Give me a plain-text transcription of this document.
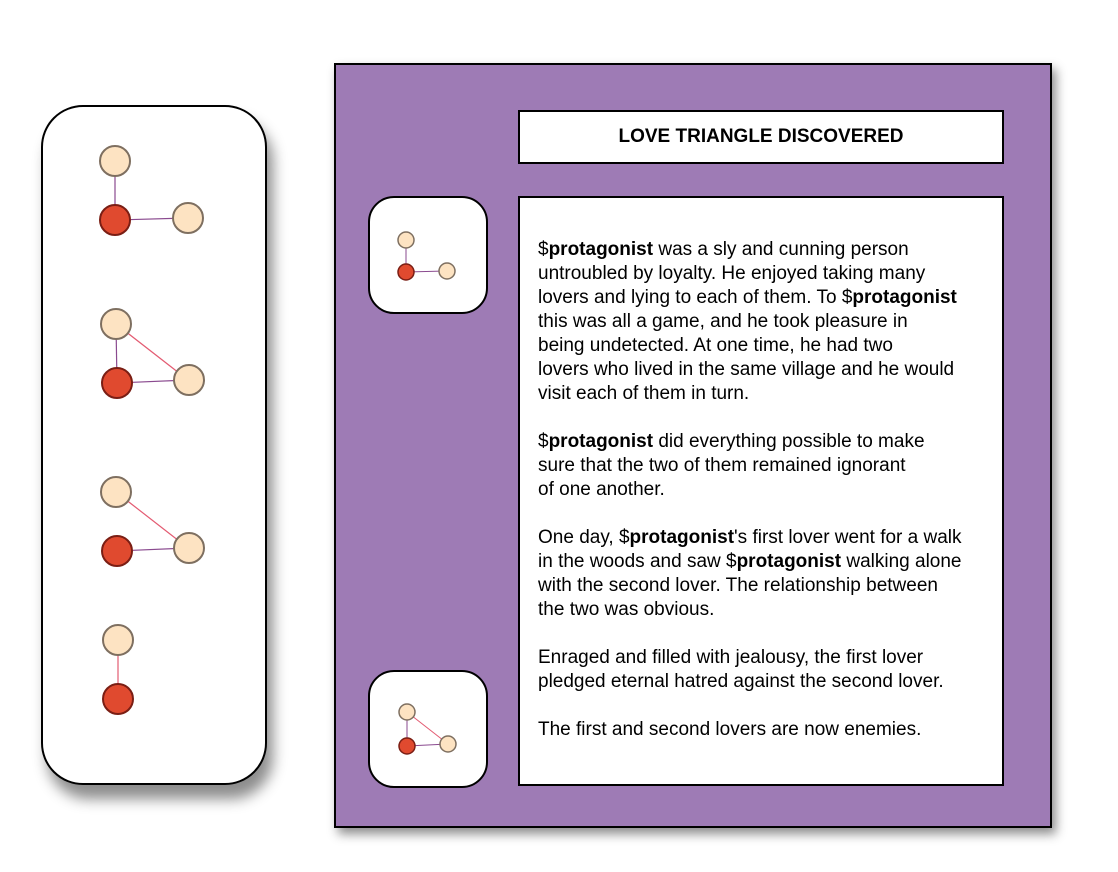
LOVE TRIANGLE DISCOVERED

$protagonist was a sly and cunning person
untroubled by loyalty. He enjoyed taking many
lovers and lying to each of them. To $protagonist
this was all a game, and he took pleasure in
being undetected. At one time, he had two
lovers who lived in the same village and he would
visit each of them in turn.

$protagonist did everything possible to make
sure that the two of them remained ignorant
of one another.

One day, $protagonist's first lover went for a walk
in the woods and saw $protagonist walking alone
with the second lover. The relationship between
the two was obvious.

Enraged and filled with jealousy, the first lover
pledged eternal hatred against the second lover.

The first and second lovers are now enemies.
